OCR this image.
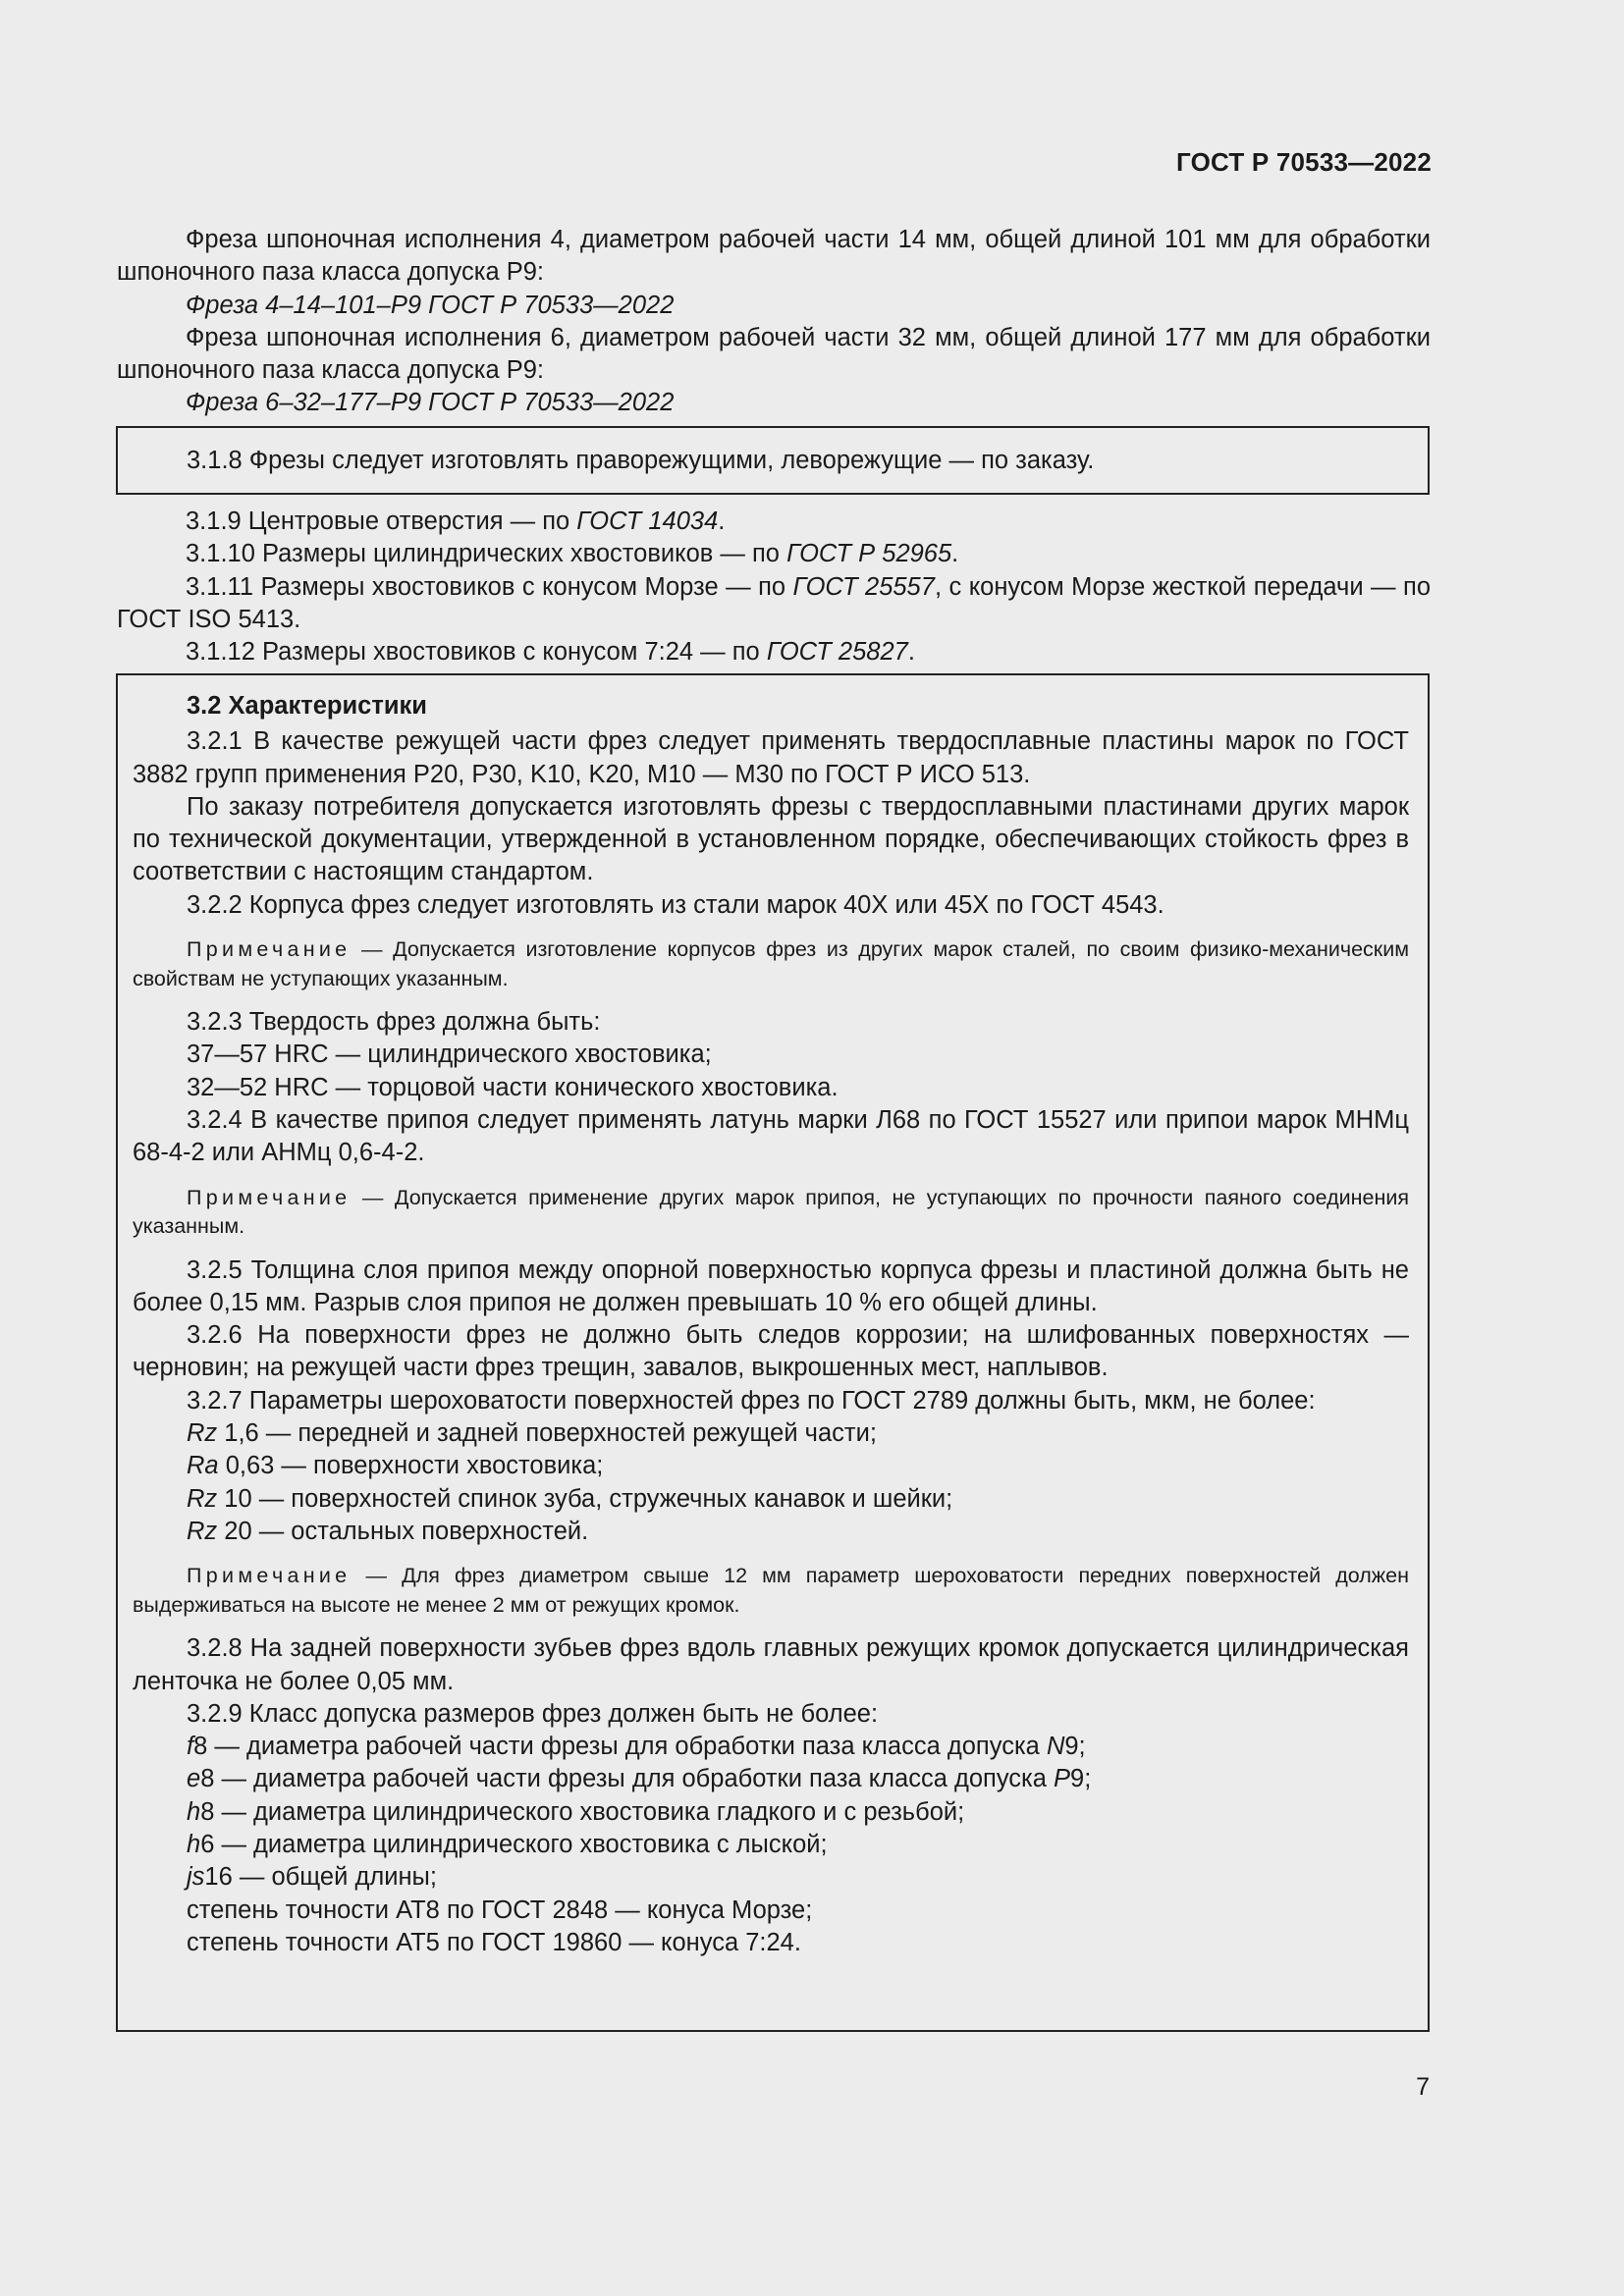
ГОСТ Р 70533—2022

Фреза шпоночная исполнения 4, диаметром рабочей части 14 мм, общей длиной 101 мм для обработки шпоночного паза класса допуска P9:

Фреза 4–14–101–Р9 ГОСТ Р 70533—2022

Фреза шпоночная исполнения 6, диаметром рабочей части 32 мм, общей длиной 177 мм для обработки шпоночного паза класса допуска P9:

Фреза 6–32–177–Р9 ГОСТ Р 70533—2022

3.1.8 Фрезы следует изготовлять праворежущими, леворежущие — по заказу.

3.1.9 Центровые отверстия — по ГОСТ 14034.

3.1.10 Размеры цилиндрических хвостовиков — по ГОСТ Р 52965.

3.1.11 Размеры хвостовиков с конусом Морзе — по ГОСТ 25557, с конусом Морзе жесткой передачи — по ГОСТ ISO 5413.

3.1.12 Размеры хвостовиков с конусом 7:24 — по ГОСТ 25827.

3.2 Характеристики

3.2.1 В качестве режущей части фрез следует применять твердосплавные пластины марок по ГОСТ 3882 групп применения P20, P30, K10, K20, M10 — M30 по ГОСТ Р ИСО 513.

По заказу потребителя допускается изготовлять фрезы с твердосплавными пластинами других марок по технической документации, утвержденной в установленном порядке, обеспечивающих стойкость фрез в соответствии с настоящим стандартом.

3.2.2 Корпуса фрез следует изготовлять из стали марок 40Х или 45Х по ГОСТ 4543.

Примечание — Допускается изготовление корпусов фрез из других марок сталей, по своим физико-механическим свойствам не уступающих указанным.

3.2.3 Твердость фрез должна быть:

37—57 HRC — цилиндрического хвостовика;

32—52 HRC — торцовой части конического хвостовика.

3.2.4 В качестве припоя следует применять латунь марки Л68 по ГОСТ 15527 или припои марок МНМц 68-4-2 или АНМц 0,6-4-2.

Примечание — Допускается применение других марок припоя, не уступающих по прочности паяного соединения указанным.

3.2.5 Толщина слоя припоя между опорной поверхностью корпуса фрезы и пластиной должна быть не более 0,15 мм. Разрыв слоя припоя не должен превышать 10 % его общей длины.

3.2.6 На поверхности фрез не должно быть следов коррозии; на шлифованных поверхностях — черновин; на режущей части фрез трещин, завалов, выкрошенных мест, наплывов.

3.2.7 Параметры шероховатости поверхностей фрез по ГОСТ 2789 должны быть, мкм, не более:

Rz 1,6 — передней и задней поверхностей режущей части;

Ra 0,63 — поверхности хвостовика;

Rz 10 — поверхностей спинок зуба, стружечных канавок и шейки;

Rz 20 — остальных поверхностей.

Примечание — Для фрез диаметром свыше 12 мм параметр шероховатости передних поверхностей должен выдерживаться на высоте не менее 2 мм от режущих кромок.

3.2.8 На задней поверхности зубьев фрез вдоль главных режущих кромок допускается цилиндрическая ленточка не более 0,05 мм.

3.2.9 Класс допуска размеров фрез должен быть не более:

f8 — диаметра рабочей части фрезы для обработки паза класса допуска N9;

e8 — диаметра рабочей части фрезы для обработки паза класса допуска P9;

h8 — диаметра цилиндрического хвостовика гладкого и с резьбой;

h6 — диаметра цилиндрического хвостовика с лыской;

js16 — общей длины;

степень точности АТ8 по ГОСТ 2848 — конуса Морзе;

степень точности АТ5 по ГОСТ 19860 — конуса 7:24.

7
